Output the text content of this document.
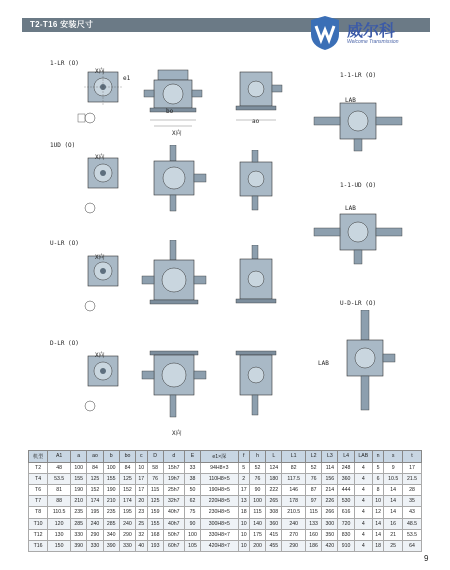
T2-T16 安装尺寸	威尔科
Welcome Transmission
1-LR (O)
1UD (O)
U-LR (O)
D-LR (O)
1-1-LR (O)
1-1-UD (O)
U-D-LR (O)
X向
e1
X向
bo
ao
LAB
X向
LAB
X向
LAB
X向
X向
机型	A1	a	ao	b	bo	c	D	d	E	e1×深	f	h	L	L1	L2	L3	L4	LAB	n	s	t
T2	48	100	84	100	84	10	58	15h7	33	94H8×3	5	52	124	82	52	114	248	4	5	9	17
T4	53.5	155	125	155	125	17	76	19h7	38	110H8×5	2	76	180	117.5	76	156	360	4	6	10.5	21.5
T6	81	190	152	190	152	17	115	25h7	50	190H8×5	17	90	222	146	87	214	444	4	8	14	28
T7	88	210	174	210	174	20	125	32h7	62	220H8×5	13	100	265	178	97	226	530	4	10	14	35
T8	110.5	235	195	235	195	23	159	40h7	75	230H8×5	18	115	308	210.5	115	266	616	4	12	14	43
T10	120	285	240	285	240	25	155	40h7	90	300H8×5	10	140	360	240	133	300	720	4	14	16	48.5
T12	130	330	290	340	290	32	168	50h7	100	330H8×7	10	175	415	270	160	350	830	4	14	21	53.5
T16	150	390	330	390	330	40	193	60h7	105	420H8×7	10	200	455	290	186	420	910	4	18	25	64
9
